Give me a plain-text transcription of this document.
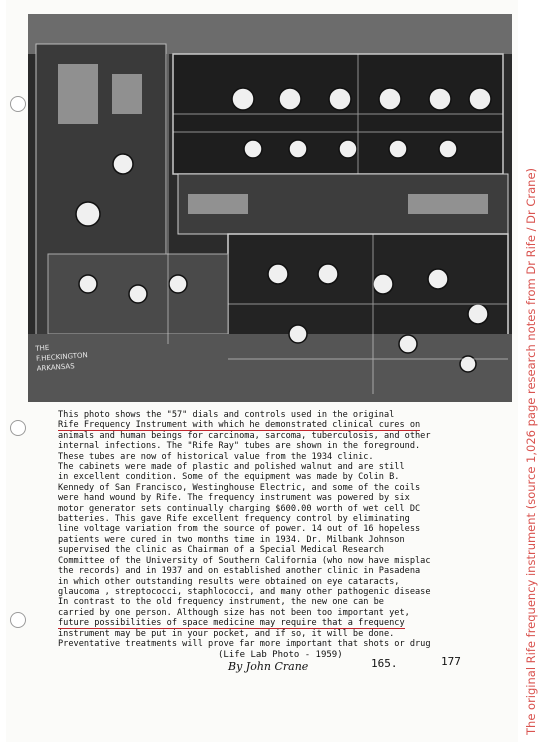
THE
F.HECKINGTON
ARKANSAS
This photo shows the "57" dials and controls used in the original
Rife Frequency Instrument with which he demonstrated clinical cures on
animals and human beings for carcinoma, sarcoma, tuberculosis, and other
internal infections. The "Rife Ray" tubes are shown in the foreground.
These tubes are now of historical value from the 1934 clinic.
The cabinets were made of plastic and polished walnut and are still
in excellent condition. Some of the equipment was made by Colin B.
Kennedy of San Francisco, Westinghouse Electric, and some of the coils
were hand wound by Rife. The frequency instrument was powered by six
motor generator sets continually charging $600.00 worth of wet cell DC
batteries. This gave Rife excellent frequency control by eliminating
line voltage variation from the source of power. 14 out of 16 hopeless
patients were cured in two months time in 1934. Dr. Milbank Johnson
supervised the clinic as Chairman of a Special Medical Research
Committee of the University of Southern California (who now have misplac
the records) and in 1937 and on established another clinic in Pasadena
in which other outstanding results were obtained on eye cataracts,
glaucoma , streptococci, staphlococci, and many other pathogenic disease
In contrast to the old frequency instrument, the new one can be
carried by one person. Although size has not been too important yet,
future possibilities of space medicine may require that a frequency
instrument may be put in your pocket, and if so, it will be done.
Preventative treatments will prove far more important that shots or drug
(Life Lab Photo - 1959)
By John Crane	165.	177	The original Rife frequency instrument (source 1,026 page research notes from Dr Rife / Dr Crane)
